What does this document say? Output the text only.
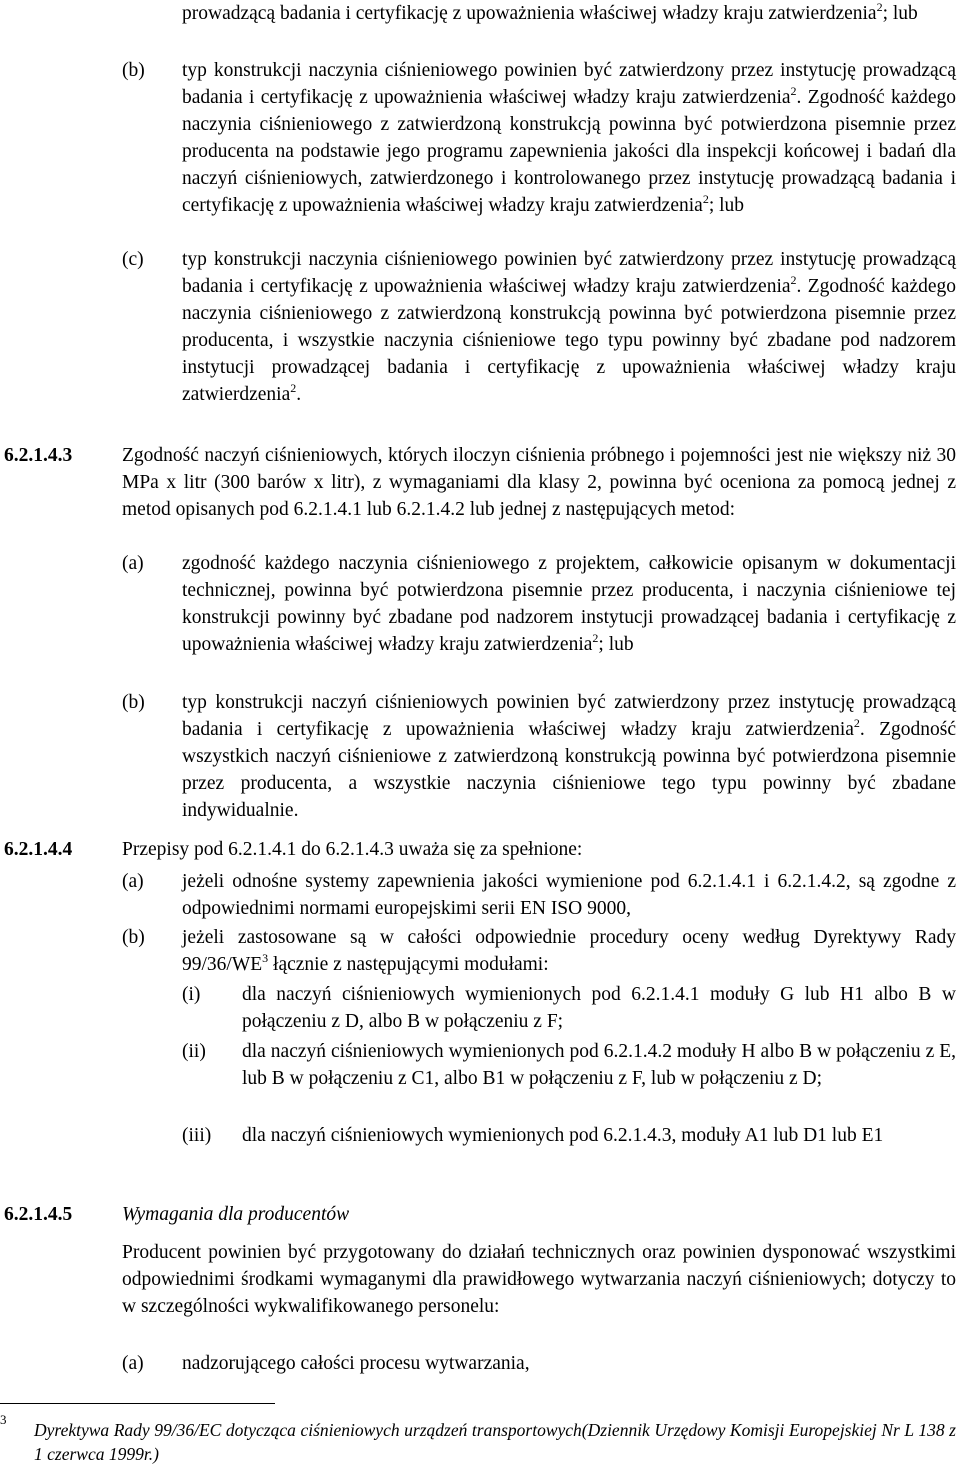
prowadzącą badania i certyfikację z upoważnienia właściwej władzy kraju zatwierdzenia$^2$; lub
(b) typ konstrukcji naczynia ciśnieniowego powinien być zatwierdzony przez instytucję prowadzącą badania i certyfikację z upoważnienia właściwej władzy kraju zatwierdzenia$^2$. Zgodność każdego naczynia ciśnieniowego z zatwierdzoną konstrukcją powinna być potwierdzona pisemnie przez producenta na podstawie jego programu zapewnienia jakości dla inspekcji końcowej i badań dla naczyń ciśnieniowych, zatwierdzonego i kontrolowanego przez instytucję prowadzącą badania i certyfikację z upoważnienia właściwej władzy kraju zatwierdzenia$^2$; lub
(c) typ konstrukcji naczynia ciśnieniowego powinien być zatwierdzony przez instytucję prowadzącą badania i certyfikację z upoważnienia właściwej władzy kraju zatwierdzenia$^2$. Zgodność każdego naczynia ciśnieniowego z zatwierdzoną konstrukcją powinna być potwierdzona pisemnie przez producenta, i wszystkie naczynia ciśnieniowe tego typu powinny być zbadane pod nadzorem instytucji prowadzącej badania i certyfikację z upoważnienia właściwej władzy kraju zatwierdzenia$^2$.
6.2.1.4.3	Zgodność naczyń ciśnieniowych, których iloczyn ciśnienia próbnego i pojemności jest nie większy niż 30 MPa x litr (300 barów x litr), z wymaganiami dla klasy 2, powinna być oceniona za pomocą jednej z metod opisanych pod 6.2.1.4.1 lub 6.2.1.4.2 lub jednej z następujących metod:
(a) zgodność każdego naczynia ciśnieniowego z projektem, całkowicie opisanym w dokumentacji technicznej, powinna być potwierdzona pisemnie przez producenta, i naczynia ciśnieniowe tej konstrukcji powinny być zbadane pod nadzorem instytucji prowadzącej badania i certyfikację z upoważnienia właściwej władzy kraju zatwierdzenia$^2$; lub
(b) typ konstrukcji naczyń ciśnieniowych powinien być zatwierdzony przez instytucję prowadzącą badania i certyfikację z upoważnienia właściwej władzy kraju zatwierdzenia$^2$. Zgodność wszystkich naczyń ciśnieniowe z zatwierdzoną konstrukcją powinna być potwierdzona pisemnie przez producenta, a wszystkie naczynia ciśnieniowe tego typu powinny być zbadane indywidualnie.
6.2.1.4.4	Przepisy pod 6.2.1.4.1 do 6.2.1.4.3 uważa się za spełnione:
(a) jeżeli odnośne systemy zapewnienia jakości wymienione pod 6.2.1.4.1 i 6.2.1.4.2, są zgodne z odpowiednimi normami europejskimi serii EN ISO 9000,
(b) jeżeli zastosowane są w całości odpowiednie procedury oceny według Dyrektywy Rady $99/36/WE^3$ łącznie z następującymi modułami:
(i) dla naczyń ciśnieniowych wymienionych pod 6.2.1.4.1 moduły G lub H1 albo B w połączeniu z D, albo B w połączeniu z F;
(ii) dla naczyń ciśnieniowych wymienionych pod 6.2.1.4.2 moduły H albo B w połączeniu z E, lub B w połączeniu z C1, albo B1 w połączeniu z F, lub w połączeniu z D;
(iii) dla naczyń ciśnieniowych wymienionych pod 6.2.1.4.3, moduły A1 lub D1 lub E1
6.2.1.4.5	Wymagania dla producentów
Producent powinien być przygotowany do działań technicznych oraz powinien dysponować wszystkimi odpowiednimi środkami wymaganymi dla prawidłowego wytwarzania naczyń ciśnieniowych; dotyczy to w szczególności wykwalifikowanego personelu:
(a) nadzorującego całości procesu wytwarzania,
3
Dyrektywa Rady 99/36/EC dotycząca ciśnieniowych urządzeń transportowych(Dziennik Urzędowy Komisji Europejskiej Nr L 138 z 1 czerwca 1999r.)
